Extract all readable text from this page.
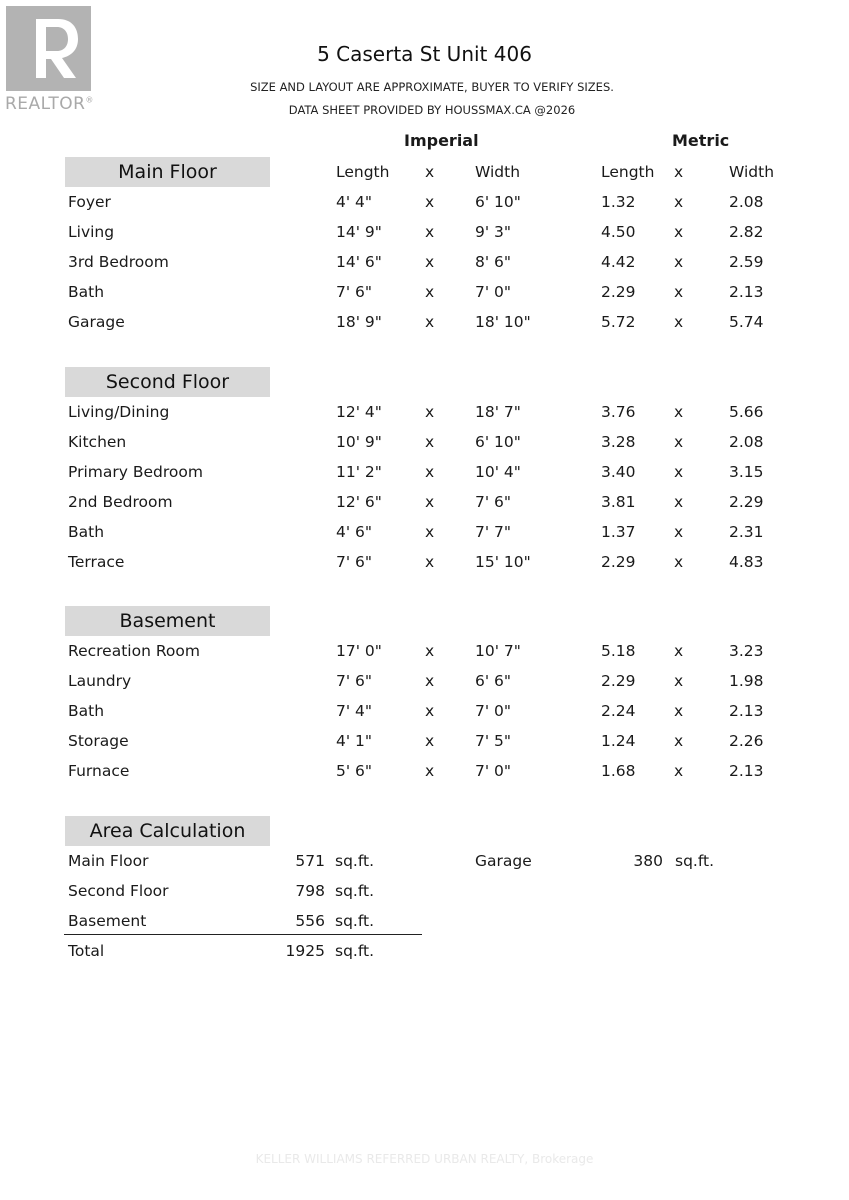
REALTOR®
5 Caserta St Unit 406
SIZE AND LAYOUT ARE APPROXIMATE, BUYER TO VERIFY SIZES.
DATA SHEET PROVIDED BY HOUSSMAX.CA @2026
Imperial	Metric
Main Floor	Length x	Width	Length x	Width
Foyer	4' 4"	x	6' 10"	1.32 x	2.08
Living	14' 9"	x	9' 3"	4.50 x	2.82
3rd Bedroom	14' 6"	x	8' 6"	4.42 x	2.59
Bath	7' 6"	x	7' 0"	2.29 x	2.13
Garage	18' 9"	x	18' 10"	5.72 x	5.74
Second Floor
Living/Dining	12' 4"	x	18' 7"	3.76 x	5.66
Kitchen	10' 9"	x	6' 10"	3.28 x	2.08
Primary Bedroom	11' 2"	x	10' 4"	3.40 x	3.15
2nd Bedroom	12' 6"	x	7' 6"	3.81 x	2.29
Bath	4' 6"	x	7' 7"	1.37 x	2.31
Terrace	7' 6"	x	15' 10"	2.29 x	4.83
Basement
Recreation Room	17' 0"	x	10' 7"	5.18 x	3.23
Laundry	7' 6"	x	6' 6"	2.29 x	1.98
Bath	7' 4"	x	7' 0"	2.24 x	2.13
Storage	4' 1"	x	7' 5"	1.24 x	2.26
Furnace	5' 6"	x	7' 0"	1.68 x	2.13
Area Calculation
Main Floor	571 sq.ft.	Garage	380 sq.ft.
Second Floor	798 sq.ft.
Basement	556 sq.ft.
Total	1925 sq.ft.
KELLER WILLIAMS REFERRED URBAN REALTY, Brokerage
